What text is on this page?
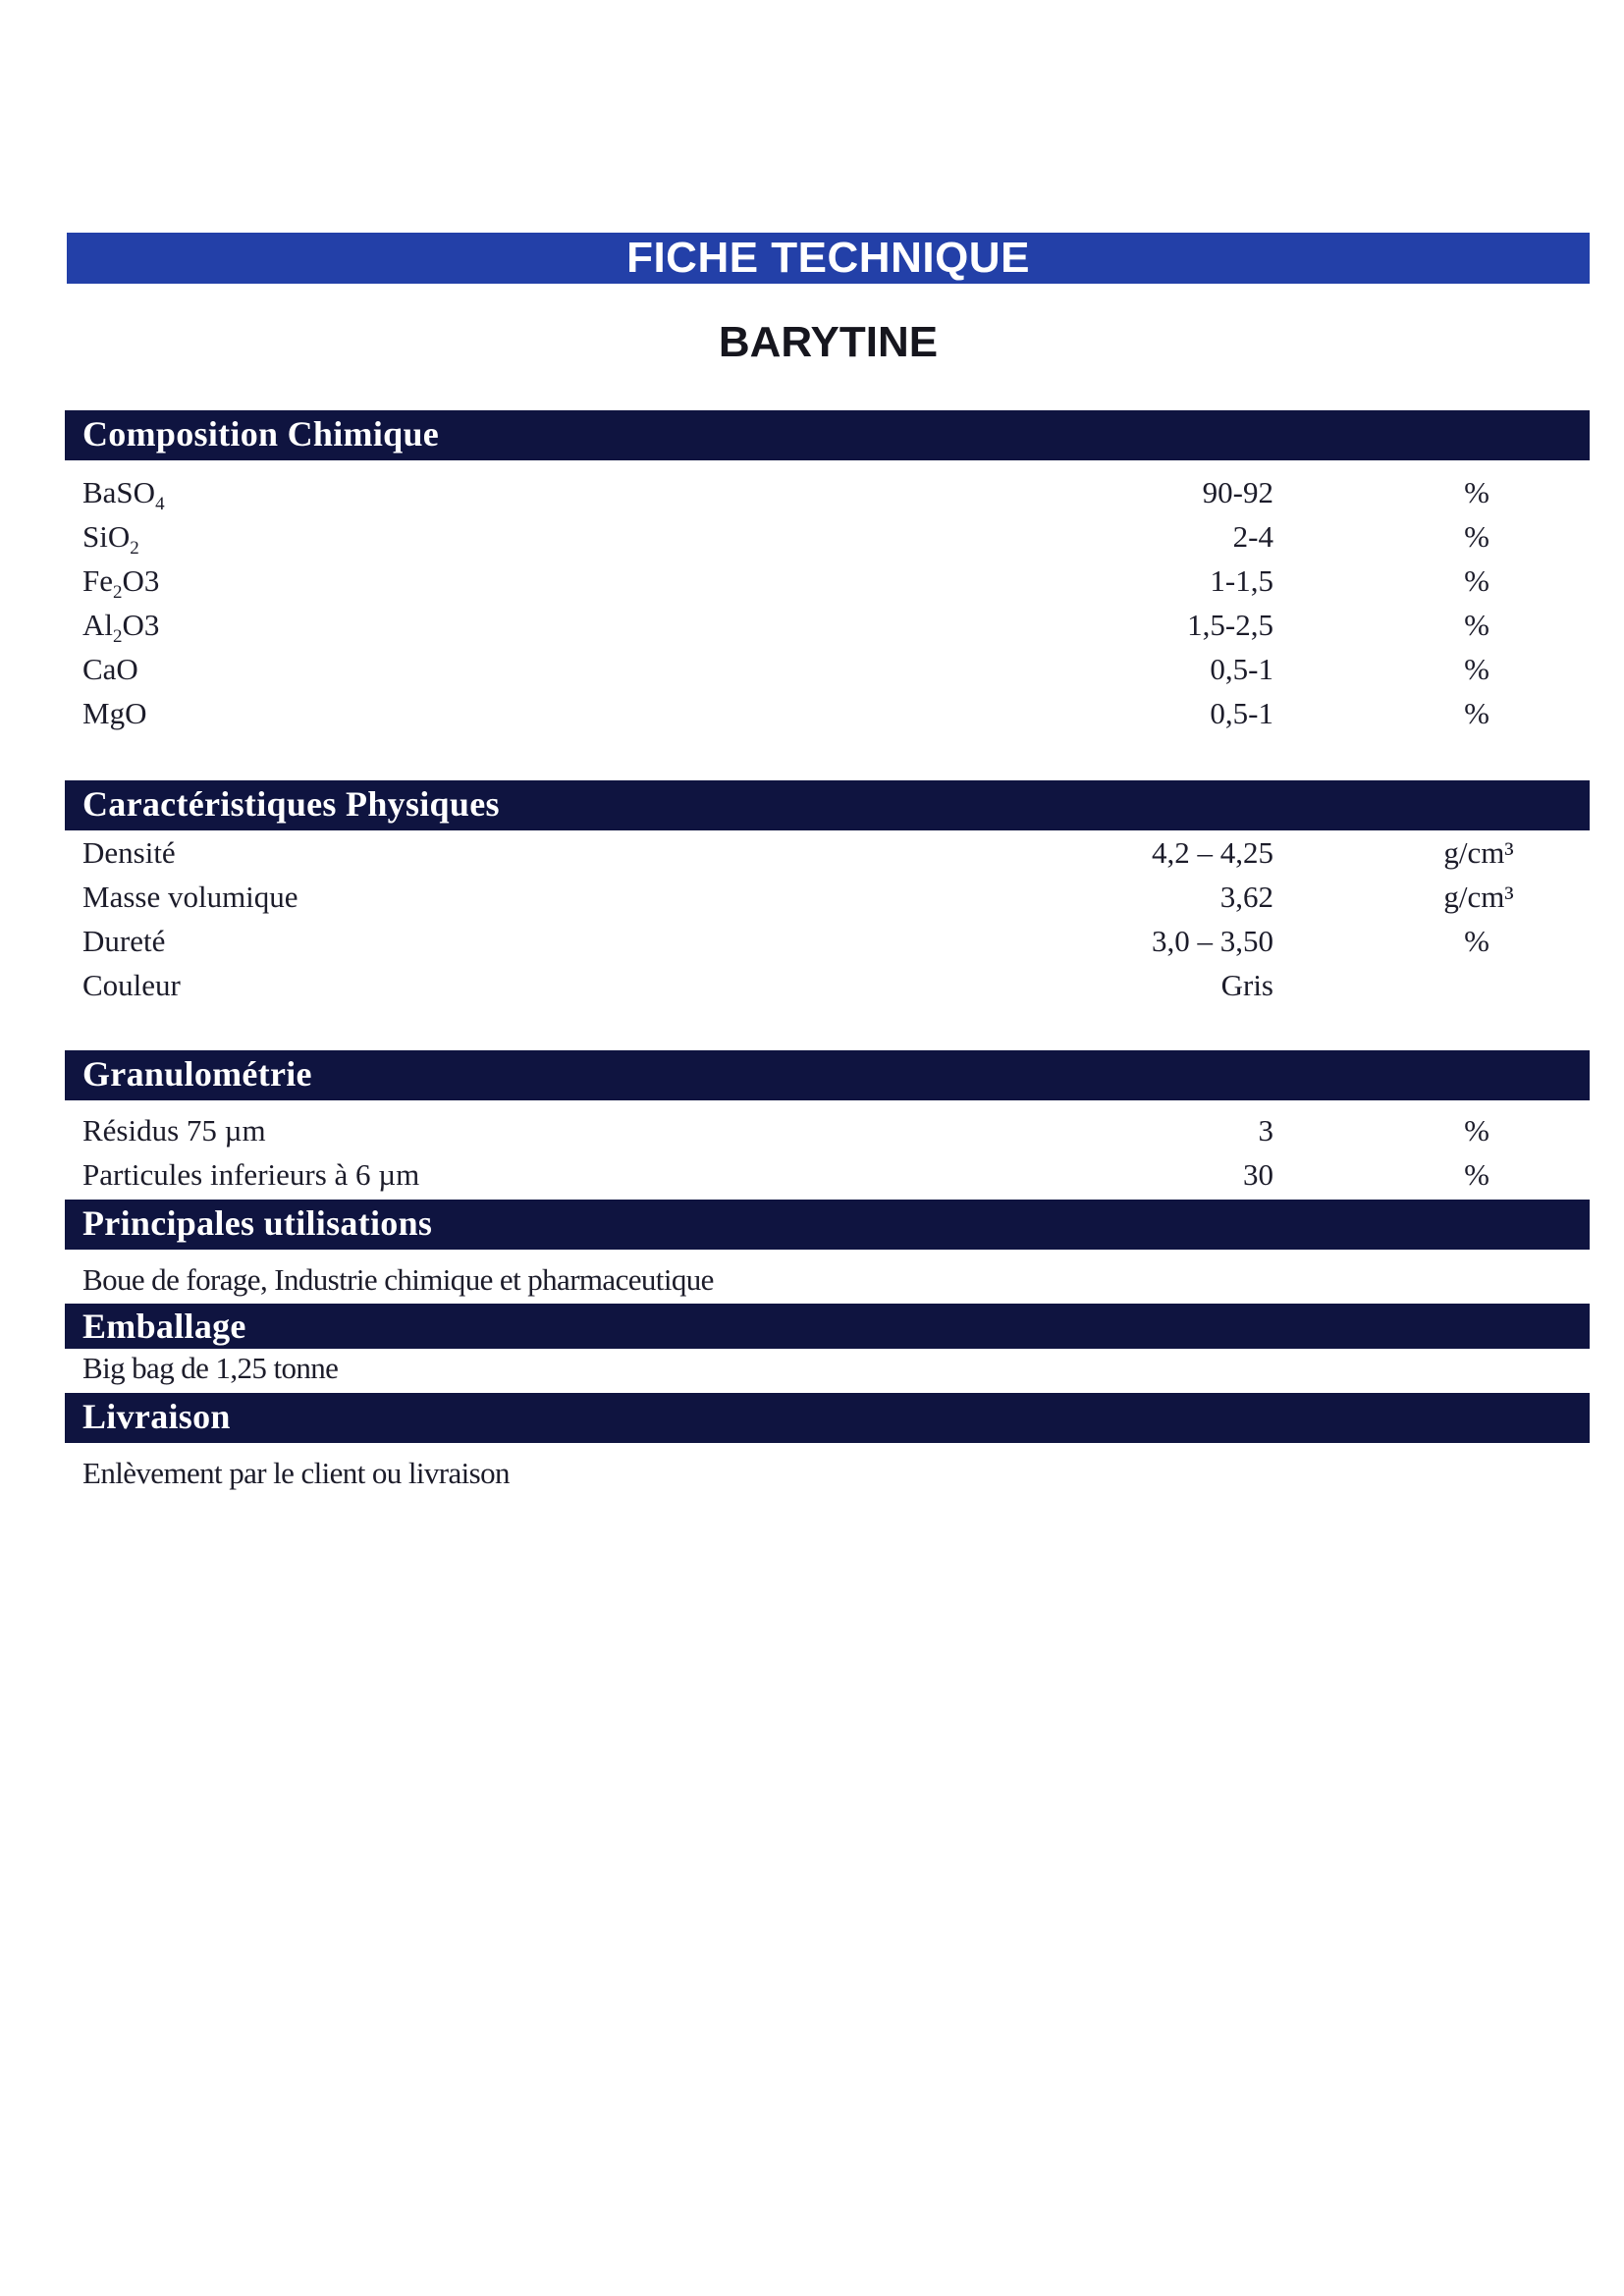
FICHE TECHNIQUE
BARYTINE
Composition Chimique
BaSO$_4$	90-92	%
SiO$_2$	2-4	%
$Fe_2O3$	1-1,5	%
$Al_2O3$	1,5-2,5	%
CaO	0,5-1	%
MgO	0,5-1	%
Caractéristiques Physiques
Densité	4,2 – 4,25	g/cm³
Masse volumique	3,62	g/cm³
Dureté	3,0 – 3,50	%
Couleur	Gris
Granulométrie
Résidus 75 µm	3	%
Particules inferieurs à 6 µm	30	%
Principales utilisations
Boue de forage, Industrie chimique et pharmaceutique
Emballage
Big bag de 1,25 tonne
Livraison
Enlèvement par le client ou livraison
